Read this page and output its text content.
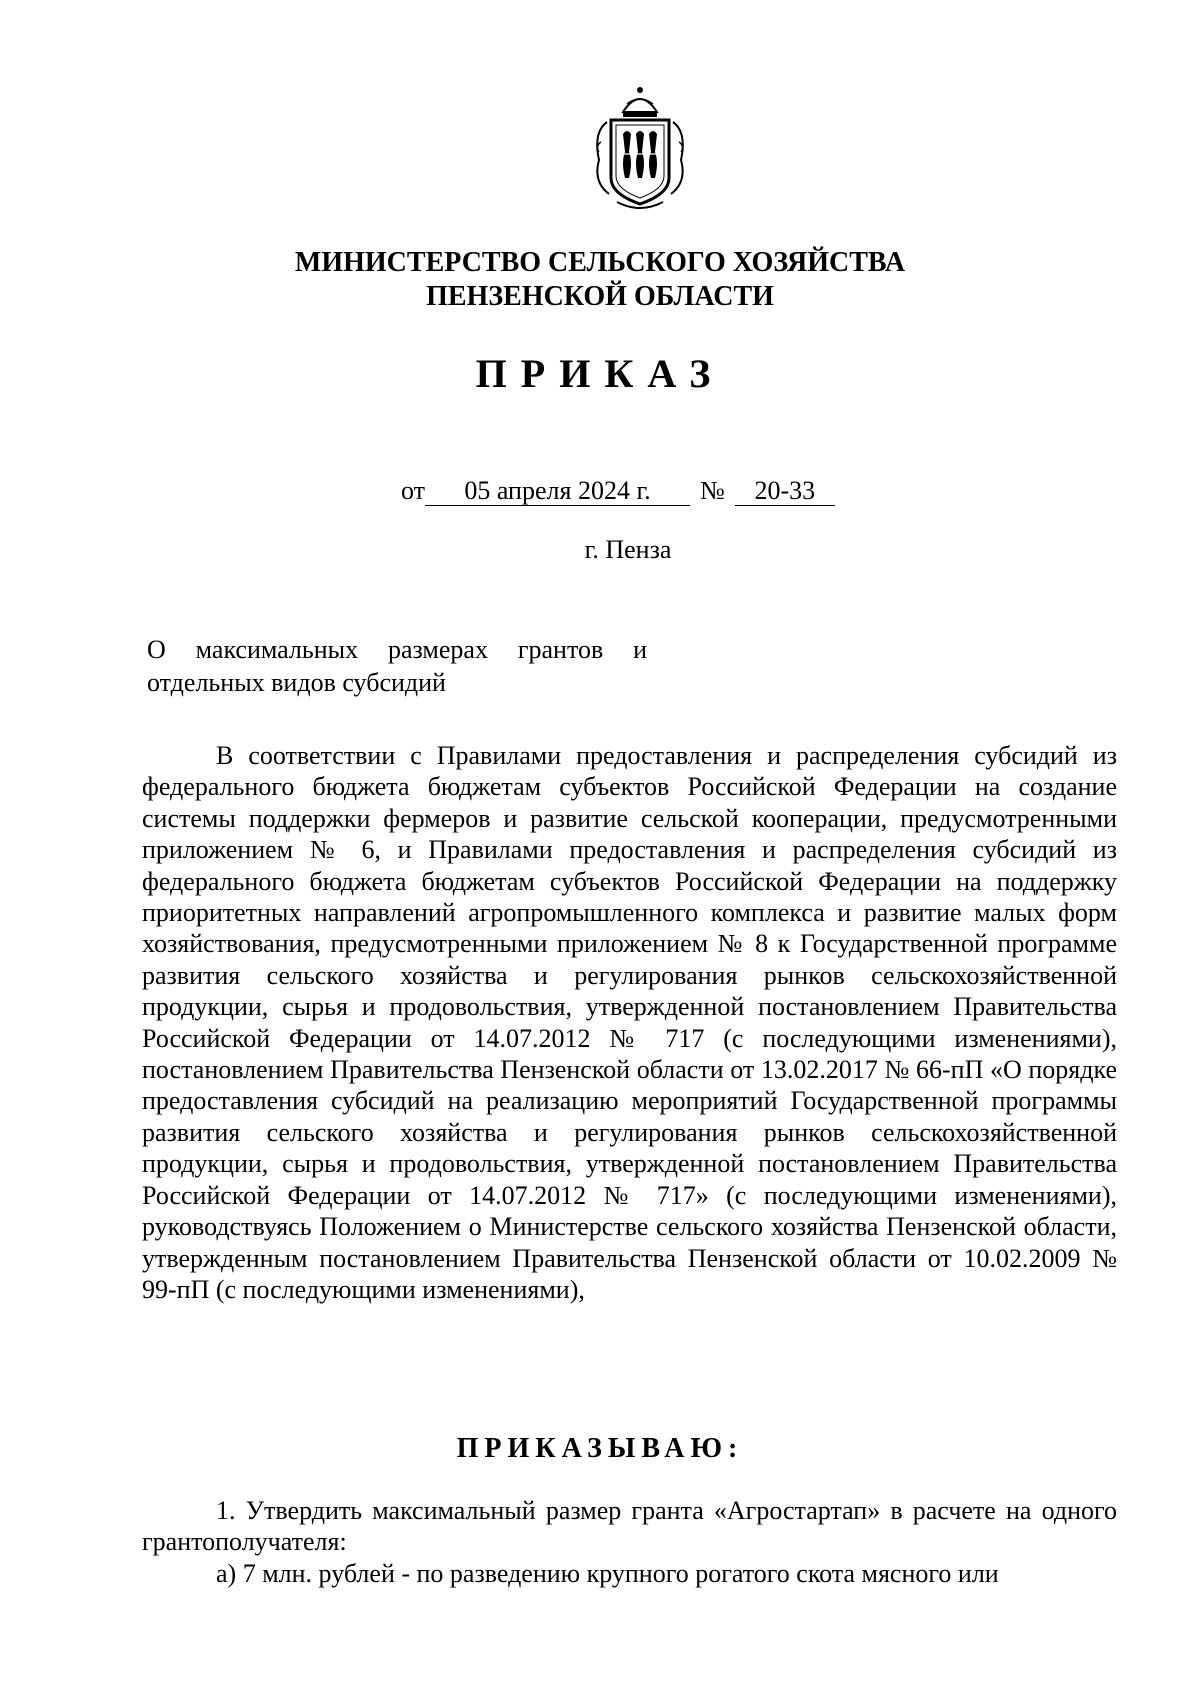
МИНИСТЕРСТВО СЕЛЬСКОГО ХОЗЯЙСТВА
ПЕНЗЕНСКОЙ ОБЛАСТИ
ПРИКАЗ
от 05 апреля 2024 г. № 20-33
г. Пенза
О максимальных размерах грантов и отдельных видов субсидий
В соответствии с Правилами предоставления и распределения субсидий из федерального бюджета бюджетам субъектов Российской Федерации на создание системы поддержки фермеров и развитие сельской кооперации, предусмотренными приложением № 6, и Правилами предоставления и распределения субсидий из федерального бюджета бюджетам субъектов Российской Федерации на поддержку приоритетных направлений агропромышленного комплекса и развитие малых форм хозяйствования, предусмотренными приложением № 8 к Государственной программе развития сельского хозяйства и регулирования рынков сельскохозяйственной продукции, сырья и продовольствия, утвержденной постановлением Правительства Российской Федерации от 14.07.2012 № 717 (с последующими изменениями), постановлением Правительства Пензенской области от 13.02.2017 № 66-пП «О порядке предоставления субсидий на реализацию мероприятий Государственной программы развития сельского хозяйства и регулирования рынков сельскохозяйственной продукции, сырья и продовольствия, утвержденной постановлением Правительства Российской Федерации от 14.07.2012 № 717» (с последующими изменениями), руководствуясь Положением о Министерстве сельского хозяйства Пензенской области, утвержденным постановлением Правительства Пензенской области от 10.02.2009 № 99-пП (с последующими изменениями),
ПРИКАЗЫВАЮ:
1. Утвердить максимальный размер гранта «Агростартап» в расчете на одного грантополучателя:
а) 7 млн. рублей - по разведению крупного рогатого скота мясного или
